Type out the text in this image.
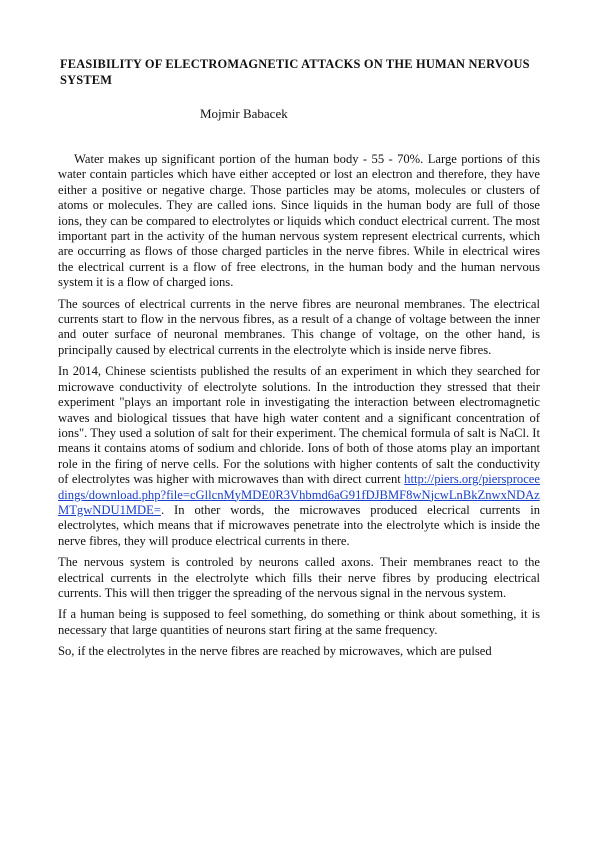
FEASIBILITY OF ELECTROMAGNETIC ATTACKS ON THE HUMAN NERVOUS SYSTEM

Mojmir Babacek

Water makes up significant portion of the human body - 55 - 70%. Large portions of this water contain particles which have either accepted or lost an electron and therefore, they have either a positive or negative charge. Those particles may be atoms, molecules or clusters of atoms or molecules. They are called ions. Since liquids in the human body are full of those ions, they can be compared to electrolytes or liquids which conduct electrical current. The most important part in the activity of the human nervous system represent electrical currents, which are occurring as flows of those charged particles in the nerve fibres. While in electrical wires the electrical current is a flow of free electrons, in the human body and the human nervous system it is a flow of charged ions.

The sources of electrical currents in the nerve fibres are neuronal membranes. The electrical currents start to flow in the nervous fibres, as a result of a change of voltage between the inner and outer surface of neuronal membranes. This change of voltage, on the other hand, is principally caused by electrical currents in the electrolyte which is inside nerve fibres.

In 2014, Chinese scientists published the results of an experiment in which they searched for microwave conductivity of electrolyte solutions. In the introduction they stressed that their experiment "plays an important role in investigating the interaction between electromagnetic waves and biological tissues that have high water content and a significant concentration of ions". They used a solution of salt for their experiment. The chemical formula of salt is NaCl. It means it contains atoms of sodium and chloride. Ions of both of those atoms play an important role in the firing of nerve cells. For the solutions with higher contents of salt the conductivity of electrolytes was higher with microwaves than with direct current http://piers.org/piersproceedings/download.php?file=cGllcnMyMDE0R3Vhbmd6aG91fDJBMF8wNjcwLnBkZnwxNDAzMTgwNDU1MDE=. In other words, the microwaves produced elecrical currents in electrolytes, which means that if microwaves penetrate into the electrolyte which is inside the nerve fibres, they will produce electrical currents in there.

The nervous system is controled by neurons called axons. Their membranes react to the electrical currents in the electrolyte which fills their nerve fibres by producing electrical currents. This will then trigger the spreading of the nervous signal in the nervous system.

If a human being is supposed to feel something, do something or think about something, it is necessary that large quantities of neurons start firing at the same frequency.

So, if the electrolytes in the nerve fibres are reached by microwaves, which are pulsed
